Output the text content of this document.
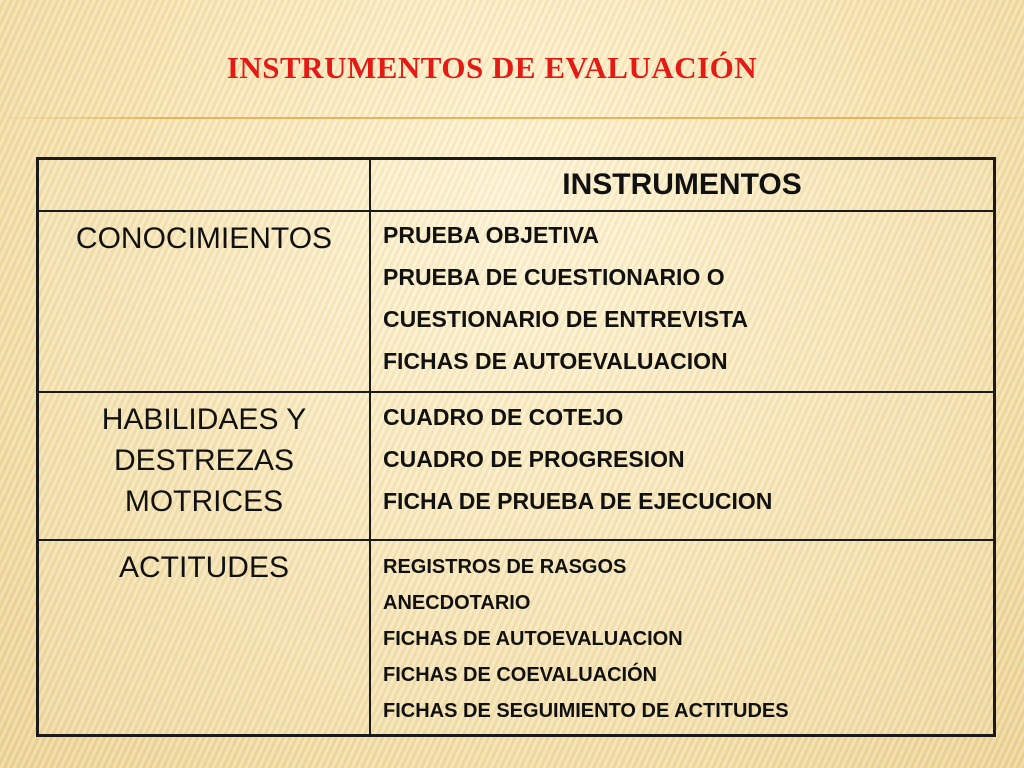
INSTRUMENTOS DE EVALUACIÓN
	INSTRUMENTOS

CONOCIMIENTOS	PRUEBA OBJETIVA
PRUEBA DE CUESTIONARIO O
CUESTIONARIO DE ENTREVISTA
FICHAS DE AUTOEVALUACION

HABILIDAES Y
DESTREZAS
MOTRICES	CUADRO DE COTEJO
CUADRO DE PROGRESION
FICHA DE PRUEBA DE EJECUCION

ACTITUDES	REGISTROS DE RASGOS
ANECDOTARIO
FICHAS DE AUTOEVALUACION
FICHAS DE COEVALUACIÓN
FICHAS DE SEGUIMIENTO DE ACTITUDES
